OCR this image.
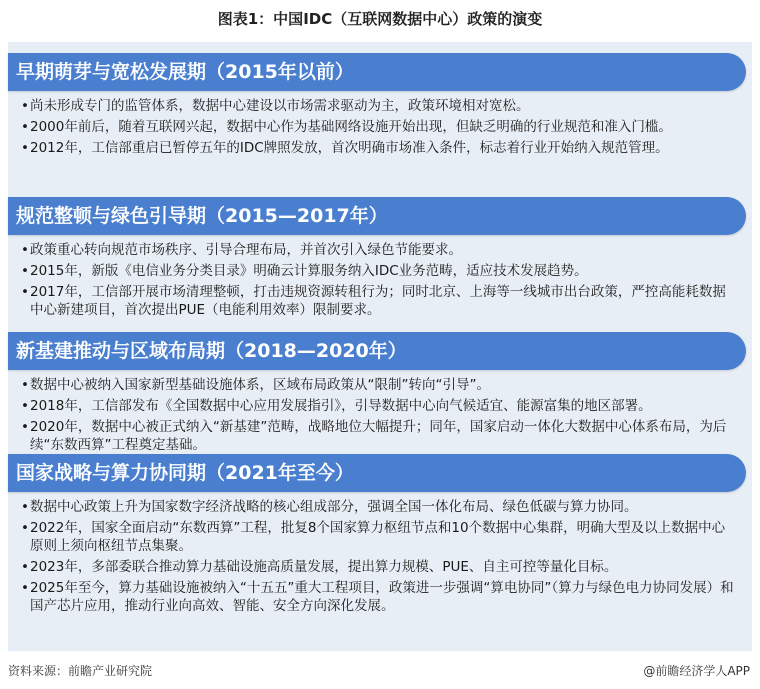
图表1：中国IDC（互联网数据中心）政策的演变
早期萌芽与宽松发展期（2015年以前）
• 尚未形成专门的监管体系，数据中心建设以市场需求驱动为主，政策环境相对宽松。
• 2000年前后，随着互联网兴起，数据中心作为基础网络设施开始出现，但缺乏明确的行业规范和准入门槛。
• 2012年，工信部重启已暂停五年的IDC牌照发放，首次明确市场准入条件，标志着行业开始纳入规范管理。
规范整顿与绿色引导期（2015—2017年）
• 政策重心转向规范市场秩序、引导合理布局，并首次引入绿色节能要求。
• 2015年，新版《电信业务分类目录》明确云计算服务纳入IDC业务范畴，适应技术发展趋势。
• 2017年，工信部开展市场清理整顿，打击违规资源转租行为；同时北京、上海等一线城市出台政策，严控高能耗数据中心新建项目，首次提出PUE（电能利用效率）限制要求。
新基建推动与区域布局期（2018—2020年）
• 数据中心被纳入国家新型基础设施体系，区域布局政策从“限制”转向“引导”。
• 2018年，工信部发布《全国数据中心应用发展指引》，引导数据中心向气候适宜、能源富集的地区部署。
• 2020年，数据中心被正式纳入“新基建”范畴，战略地位大幅提升；同年，国家启动一体化大数据中心体系布局，为后续“东数西算”工程奠定基础。
国家战略与算力协同期（2021年至今）
• 数据中心政策上升为国家数字经济战略的核心组成部分，强调全国一体化布局、绿色低碳与算力协同。
• 2022年，国家全面启动“东数西算”工程，批复8个国家算力枢纽节点和10个数据中心集群，明确大型及以上数据中心原则上须向枢纽节点集聚。
• 2023年，多部委联合推动算力基础设施高质量发展，提出算力规模、PUE、自主可控等量化目标。
• 2025年至今，算力基础设施被纳入“十五五”重大工程项目，政策进一步强调“算电协同”（算力与绿色电力协同发展）和国产芯片应用，推动行业向高效、智能、安全方向深化发展。
资料来源：前瞻产业研究院	@前瞻经济学人APP
